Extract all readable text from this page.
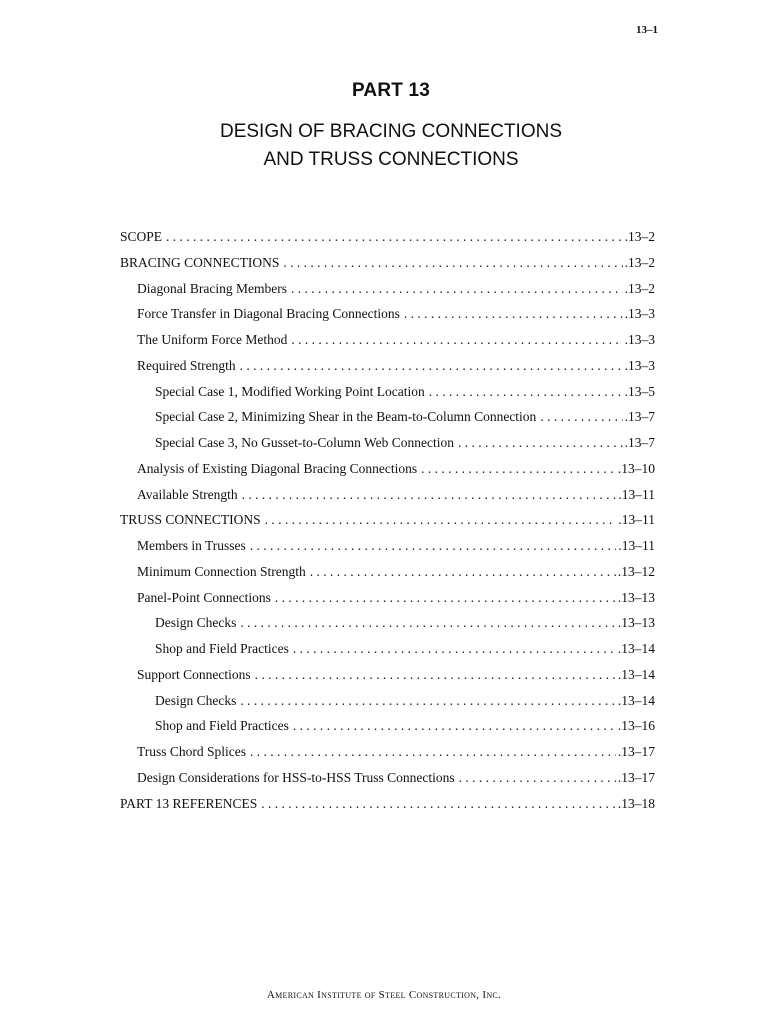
13–1
PART 13
DESIGN OF BRACING CONNECTIONS
AND TRUSS CONNECTIONS
SCOPE . . .	.13–2
BRACING CONNECTIONS . . .	.13–2
Diagonal Bracing Members . . .	.13–2
Force Transfer in Diagonal Bracing Connections . . .	.13–3
The Uniform Force Method . . .	.13–3
Required Strength . . .	.13–3
Special Case 1, Modified Working Point Location . . .	.13–5
Special Case 2, Minimizing Shear in the Beam-to-Column Connection . . .	.13–7
Special Case 3, No Gusset-to-Column Web Connection . . .	.13–7
Analysis of Existing Diagonal Bracing Connections . . .	.13–10
Available Strength . . .	.13–11
TRUSS CONNECTIONS . . .	.13–11
Members in Trusses . . .	.13–11
Minimum Connection Strength . . .	.13–12
Panel-Point Connections . . .	.13–13
Design Checks . . .	.13–13
Shop and Field Practices . . .	.13–14
Support Connections . . .	.13–14
Design Checks . . .	.13–14
Shop and Field Practices . . .	.13–16
Truss Chord Splices . . .	.13–17
Design Considerations for HSS-to-HSS Truss Connections . . .	.13–17
PART 13 REFERENCES . . .	.13–18
American Institute of Steel Construction, Inc.
